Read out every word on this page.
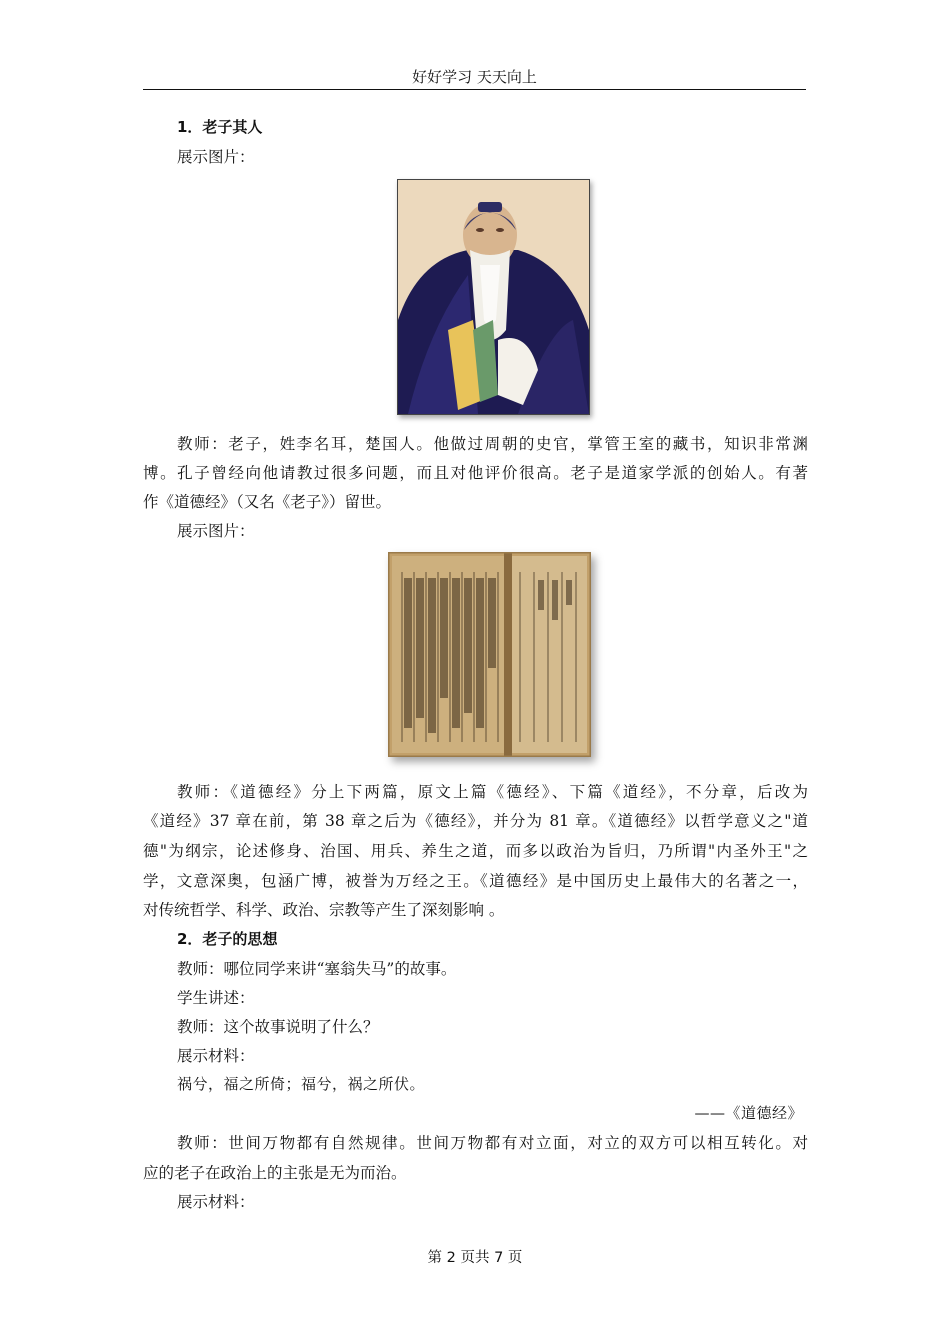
好好学习 天天向上
1．老子其人
展示图片：
教师：老子，姓李名耳，楚国人。他做过周朝的史官，掌管王室的藏书，知识非常渊
博。孔子曾经向他请教过很多问题，而且对他评价很高。老子是道家学派的创始人。有著
作《道德经》（又名《老子》）留世。
展示图片：
教师：《道德经》分上下两篇，原文上篇《德经》、下篇《道经》，不分章，后改为
《道经》37 章在前，第 38 章之后为《德经》，并分为 81 章。《道德经》以哲学意义之"道
德"为纲宗，论述修身、治国、用兵、养生之道，而多以政治为旨归，乃所谓"内圣外王"之
学，文意深奥，包涵广博，被誉为万经之王。《道德经》是中国历史上最伟大的名著之一，
对传统哲学、科学、政治、宗教等产生了深刻影响 。
2．老子的思想
教师：哪位同学来讲“塞翁失马”的故事。
学生讲述：
教师：这个故事说明了什么？
展示材料：
祸兮，福之所倚；福兮，祸之所伏。
——《道德经》
教师：世间万物都有自然规律。世间万物都有对立面，对立的双方可以相互转化。对
应的老子在政治上的主张是无为而治。
展示材料：
第 2 页共 7 页
